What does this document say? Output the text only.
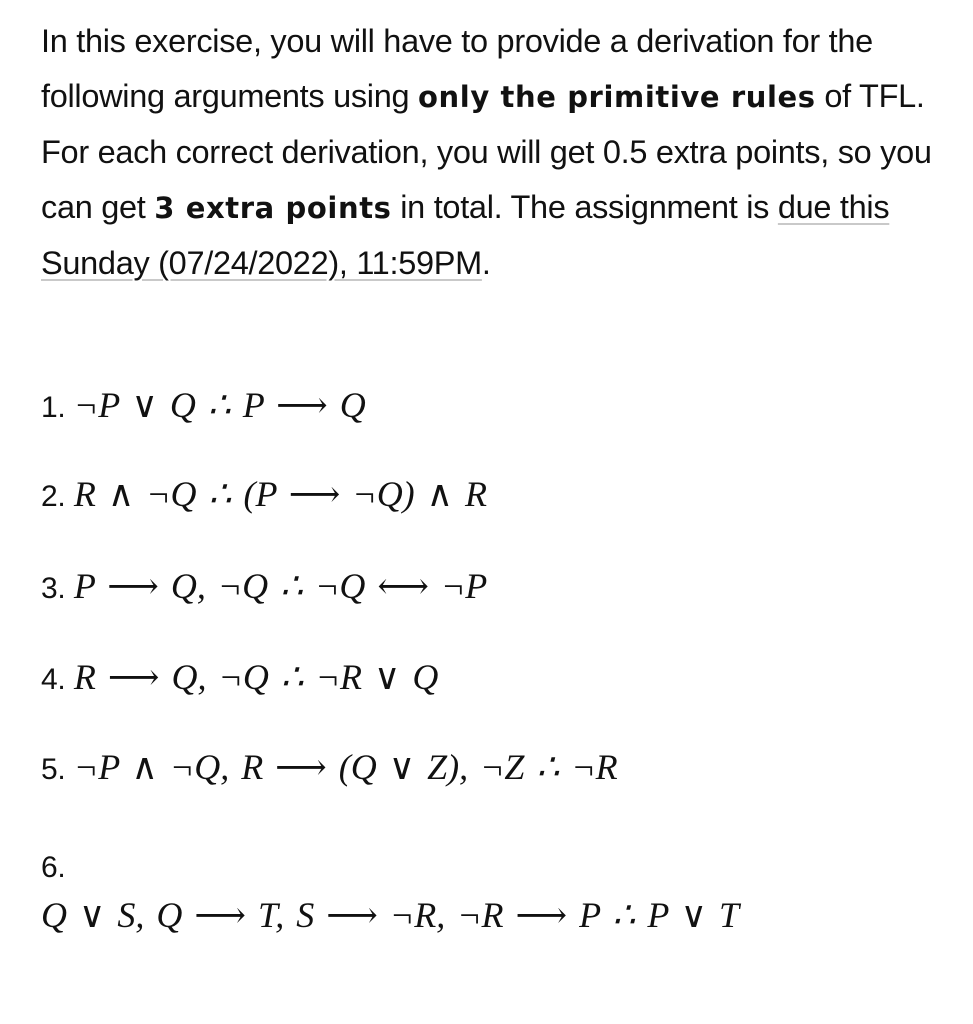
In this exercise, you will have to provide a derivation for the following arguments using only the primitive rules of TFL. For each correct derivation, you will get 0.5 extra points, so you can get 3 extra points in total. The assignment is due this Sunday (07/24/2022), 11:59PM.

1. ¬P ∨ Q ∴ P ⟶ Q
2. R ∧ ¬Q ∴ (P ⟶ ¬Q) ∧ R
3. P ⟶ Q, ¬Q ∴ ¬Q ⟷ ¬P
4. R ⟶ Q, ¬Q ∴ ¬R ∨ Q
5. ¬P ∧ ¬Q, R ⟶ (Q ∨ Z), ¬Z ∴ ¬R
6.
Q ∨ S, Q ⟶ T, S ⟶ ¬R, ¬R ⟶ P ∴ P ∨ T
